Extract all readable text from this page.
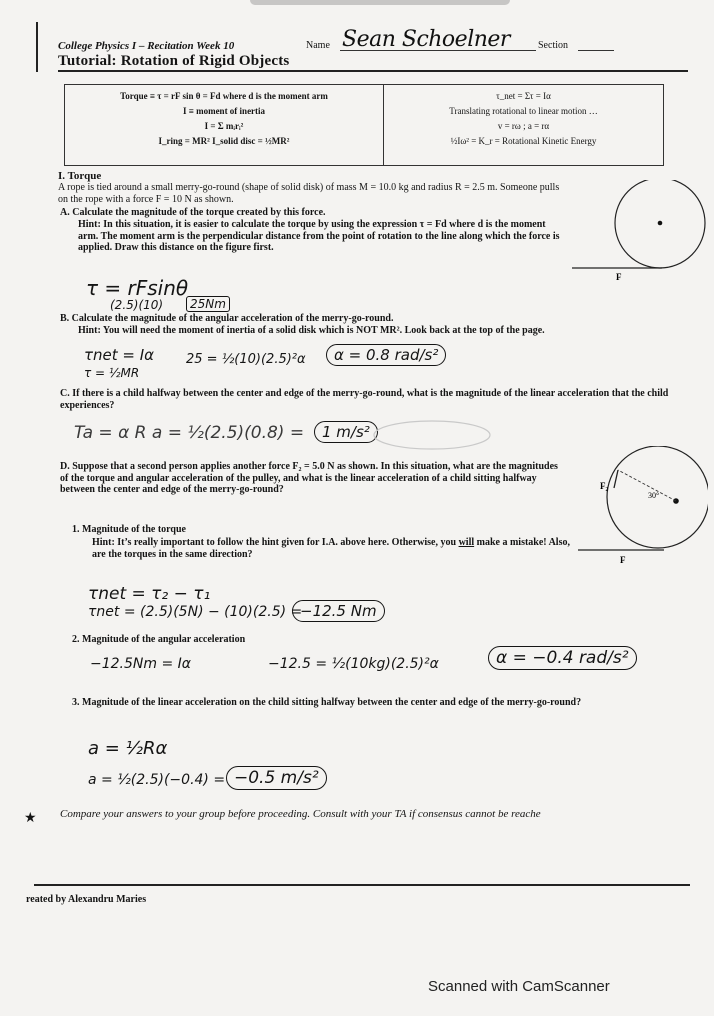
College Physics I – Recitation Week 10	Name Sean Schoelner	Section
Tutorial: Rotation of Rigid Objects
Torque ≡ τ = rF sin θ = Fd where d is the moment arm
I ≡ moment of inertia
I = Σ mᵢrᵢ²
I_ring = MR² I_solid disc = ½MR²

τ_net = Στ = Iα
Translating rotational to linear motion …
v = rω ; a = rα
½Iω² = K_r = Rotational Kinetic Energy
I. Torque
A rope is tied around a small merry-go-round (shape of solid disk) of mass M = 10.0 kg and radius R = 2.5 m. Someone pulls on the rope with a force F = 10 N as shown.
A. Calculate the magnitude of the torque created by this force.
Hint: In this situation, it is easier to calculate the torque by using the expression τ = Fd where d is the moment arm. The moment arm is the perpendicular distance from the point of rotation to the line along which the force is applied. Draw this distance on the figure first.
F
τ = rFsinθ
(2.5)(10)	25Nm
B. Calculate the magnitude of the angular acceleration of the merry-go-round.
Hint: You will need the moment of inertia of a solid disk which is NOT MR². Look back at the top of the page.
τnet = Iα
τ = ½MR
25 = ½(10)(2.5)²α	α = 0.8 rad/s²
C. If there is a child halfway between the center and edge of the merry-go-round, what is the magnitude of the linear acceleration that the child experiences?
Ta = α R a = ½(2.5)(0.8) =	1 m/s²
D. Suppose that a second person applies another force F₂ = 5.0 N as shown. In this situation, what are the magnitudes of the torque and angular acceleration of the pulley, and what is the linear acceleration of a child sitting halfway between the center and edge of the merry-go-round?	F₂
30°
F
1. Magnitude of the torque
Hint: It’s really important to follow the hint given for I.A. above here. Otherwise, you will make a mistake! Also, are the torques in the same direction?
τnet = τ₂ − τ₁
τnet = (2.5)(5N) − (10)(2.5) =
−12.5 Nm
2. Magnitude of the angular acceleration
−12.5Nm = Iα	−12.5 = ½(10kg)(2.5)²α	α = −0.4 rad/s²
3. Magnitude of the linear acceleration on the child sitting halfway between the center and edge of the merry-go-round?
a = ½Rα
a = ½(2.5)(−0.4) = −0.5 m/s²
★ Compare your answers to your group before proceeding. Consult with your TA if consensus cannot be reache
reated by Alexandru Maries
Scanned with CamScanner
